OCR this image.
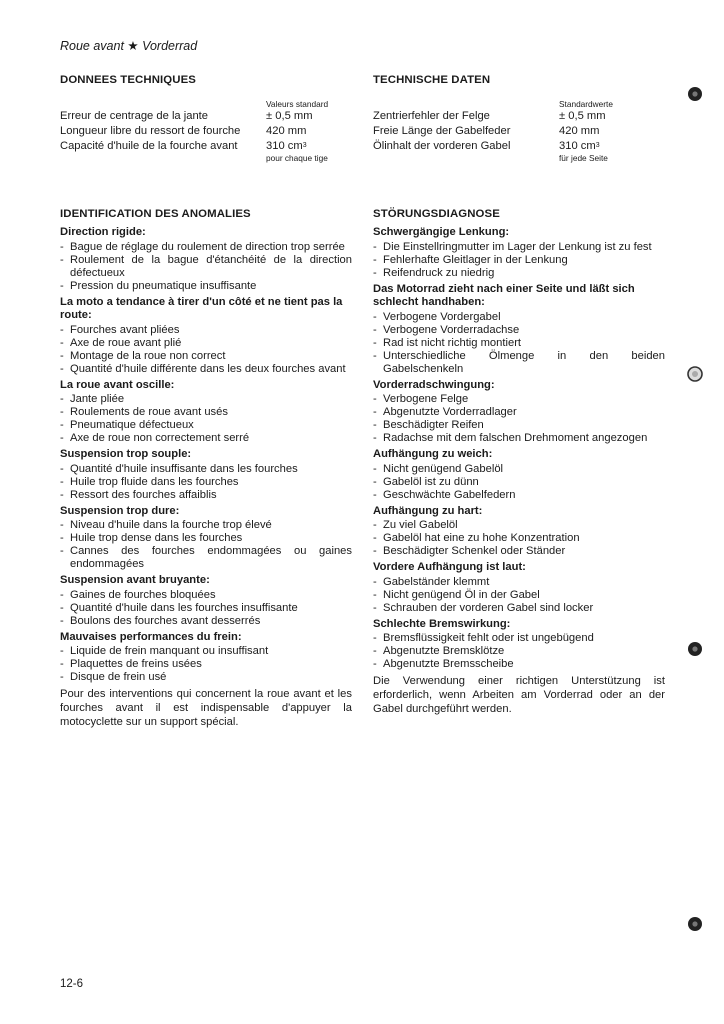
Roue avant ★ Vorderrad
DONNEES TECHNIQUES
Valeurs standard
Erreur de centrage de la jante	± 0,5 mm
Longueur libre du ressort de fourche	420 mm
Capacité d'huile de la fourche avant	310 $cm^3$
pour chaque tige
IDENTIFICATION DES ANOMALIES
Direction rigide:
- Bague de réglage du roulement de direction trop serrée
- Roulement de la bague d'étanchéité de la direction défectueux
- Pression du pneumatique insuffisante
La moto a tendance à tirer d'un côté et ne tient pas la route:
- Fourches avant pliées
- Axe de roue avant plié
- Montage de la roue non correct
- Quantité d'huile différente dans les deux fourches avant
La roue avant oscille:
- Jante pliée
- Roulements de roue avant usés
- Pneumatique défectueux
- Axe de roue non correctement serré
Suspension trop souple:
- Quantité d'huile insuffisante dans les fourches
- Huile trop fluide dans les fourches
- Ressort des fourches affaiblis
Suspension trop dure:
- Niveau d'huile dans la fourche trop élevé
- Huile trop dense dans les fourches
- Cannes des fourches endommagées ou gaines endommagées
Suspension avant bruyante:
- Gaines de fourches bloquées
- Quantité d'huile dans les fourches insuffisante
- Boulons des fourches avant desserrés
Mauvaises performances du frein:
- Liquide de frein manquant ou insuffisant
- Plaquettes de freins usées
- Disque de frein usé
Pour des interventions qui concernent la roue avant et les fourches avant il est indispensable d'appuyer la motocyclette sur un support spécial.
TECHNISCHE DATEN
Standardwerte
Zentrierfehler der Felge	± 0,5 mm
Freie Länge der Gabelfeder	420 mm
Ölinhalt der vorderen Gabel	310 $cm^3$
für jede Seite
STÖRUNGSDIAGNOSE
Schwergängige Lenkung:
- Die Einstellringmutter im Lager der Lenkung ist zu fest
- Fehlerhafte Gleitlager in der Lenkung
- Reifendruck zu niedrig
Das Motorrad zieht nach einer Seite und läßt sich schlecht handhaben:
- Verbogene Vordergabel
- Verbogene Vorderradachse
- Rad ist nicht richtig montiert
- Unterschiedliche Ölmenge in den beiden Gabelschenkeln
Vorderradschwingung:
- Verbogene Felge
- Abgenutzte Vorderradlager
- Beschädigter Reifen
- Radachse mit dem falschen Drehmoment angezogen
Aufhängung zu weich:
- Nicht genügend Gabelöl
- Gabelöl ist zu dünn
- Geschwächte Gabelfedern
Aufhängung zu hart:
- Zu viel Gabelöl
- Gabelöl hat eine zu hohe Konzentration
- Beschädigter Schenkel oder Ständer
Vordere Aufhängung ist laut:
- Gabelständer klemmt
- Nicht genügend Öl in der Gabel
- Schrauben der vorderen Gabel sind locker
Schlechte Bremswirkung:
- Bremsflüssigkeit fehlt oder ist ungebügend
- Abgenutzte Bremsklötze
- Abgenutzte Bremsscheibe
Die Verwendung einer richtigen Unterstützung ist erforderlich, wenn Arbeiten am Vorderrad oder an der Gabel durchgeführt werden.
12-6
